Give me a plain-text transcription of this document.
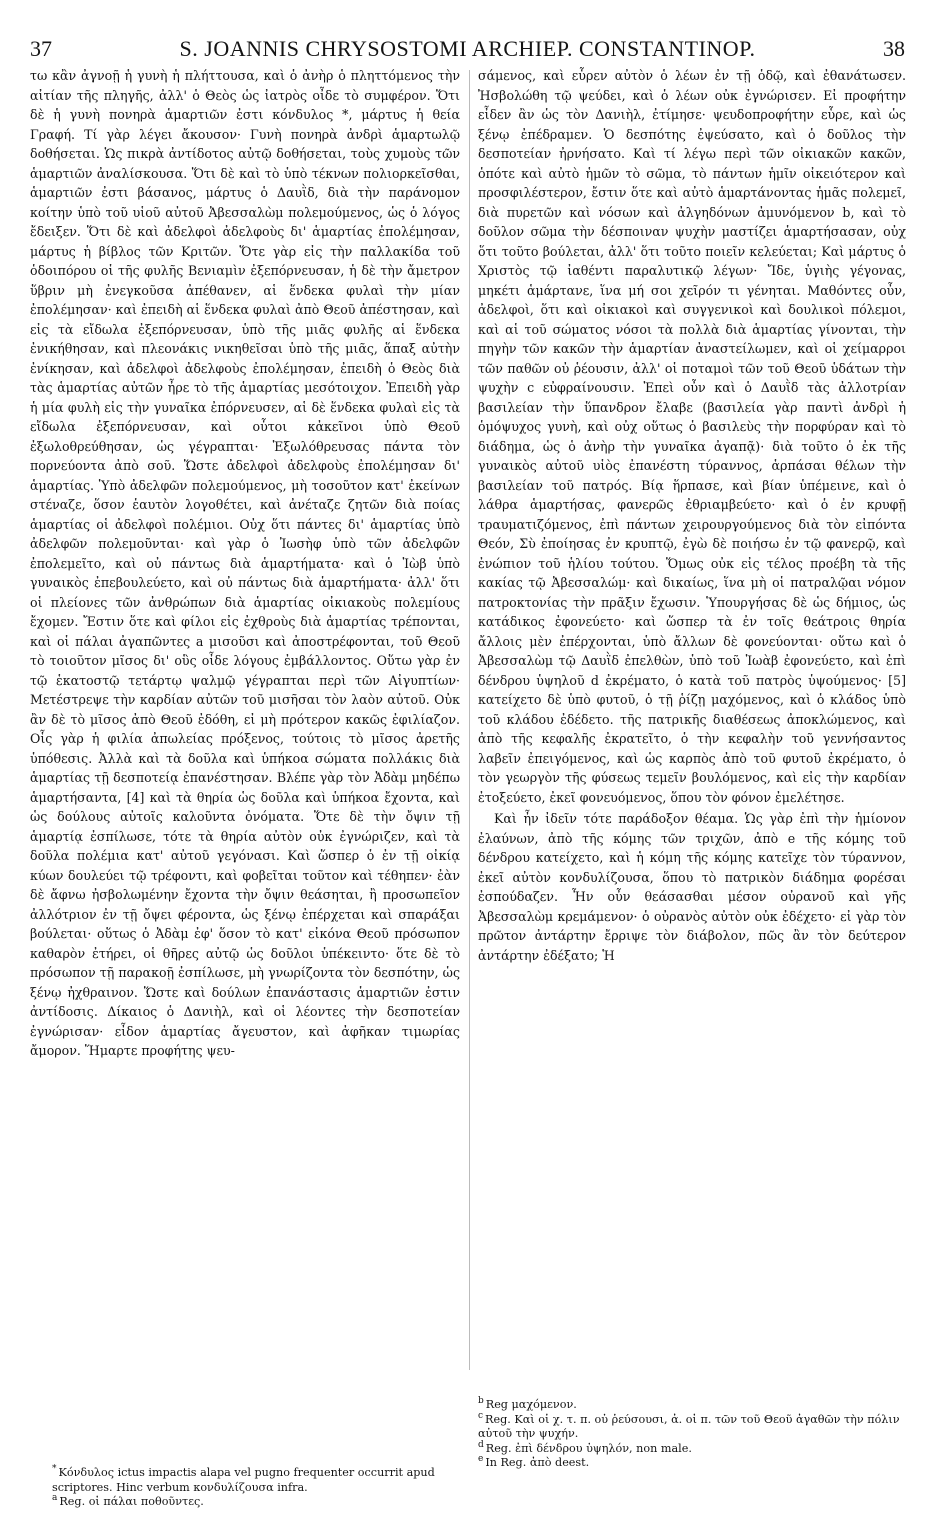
37	S. JOANNIS CHRYSOSTOMI ARCHIEP. CONSTANTINOP.	38

τω κἂν ἀγνοῇ ἡ γυνὴ ἡ πλήττουσα, καὶ ὁ ἀνὴρ ὁ πληττόμενος τὴν αἰτίαν τῆς πληγῆς, ἀλλ' ὁ Θεὸς ὡς ἰατρὸς οἶδε τὸ συμφέρον. Ὅτι δὲ ἡ γυνὴ πονηρὰ ἁμαρτιῶν ἐστι κόνδυλος *, μάρτυς ἡ θεία Γραφή. Τί γὰρ λέγει ἄκουσον· Γυνὴ πονηρὰ ἀνδρὶ ἁμαρτωλῷ δοθήσεται. Ὡς πικρὰ ἀντίδοτος αὐτῷ δοθήσεται, τοὺς χυμοὺς τῶν ἁμαρτιῶν ἀναλίσκουσα. Ὅτι δὲ καὶ τὸ ὑπὸ τέκνων πολιορκεῖσθαι, ἁμαρτιῶν ἐστι βάσανος, μάρτυς ὁ Δαυῒδ, διὰ τὴν παράνομον κοίτην ὑπὸ τοῦ υἱοῦ αὐτοῦ Ἀβεσσαλὼμ πολεμούμενος, ὡς ὁ λόγος ἔδειξεν. Ὅτι δὲ καὶ ἀδελφοὶ ἀδελφοὺς δι' ἁμαρτίας ἐπολέμησαν, μάρτυς ἡ βίβλος τῶν Κριτῶν. Ὅτε γὰρ εἰς τὴν παλλακίδα τοῦ ὁδοιπόρου οἱ τῆς φυλῆς Βενιαμὶν ἐξεπόρνευσαν, ἡ δὲ τὴν ἄμετρον ὕβριν μὴ ἐνεγκοῦσα ἀπέθανεν, αἱ ἕνδεκα φυλαὶ τὴν μίαν ἐπολέμησαν· καὶ ἐπειδὴ αἱ ἕνδεκα φυλαὶ ἀπὸ Θεοῦ ἀπέστησαν, καὶ εἰς τὰ εἴδωλα ἐξεπόρνευσαν, ὑπὸ τῆς μιᾶς φυλῆς αἱ ἕνδεκα ἐνικήθησαν, καὶ πλεονάκις νικηθεῖσαι ὑπὸ τῆς μιᾶς, ἅπαξ αὐτὴν ἐνίκησαν, καὶ ἀδελφοὶ ἀδελφοὺς ἐπολέμησαν, ἐπειδὴ ὁ Θεὸς διὰ τὰς ἁμαρτίας αὐτῶν ἦρε τὸ τῆς ἁμαρτίας μεσότοιχον. Ἐπειδὴ γὰρ ἡ μία φυλὴ εἰς τὴν γυναῖκα ἐπόρνευσεν, αἱ δὲ ἕνδεκα φυλαὶ εἰς τὰ εἴδωλα ἐξεπόρνευσαν, καὶ οὗτοι κἀκεῖνοι ὑπὸ Θεοῦ ἐξωλοθρεύθησαν, ὡς γέγραπται· Ἐξωλόθρευσας πάντα τὸν πορνεύοντα ἀπὸ σοῦ. Ὥστε ἀδελφοὶ ἀδελφοὺς ἐπολέμησαν δι' ἁμαρτίας. Ὑπὸ ἀδελφῶν πολεμούμενος, μὴ τοσοῦτον κατ' ἐκείνων στέναζε, ὅσον ἑαυτὸν λογοθέτει, καὶ ἀνέταζε ζητῶν διὰ ποίας ἁμαρτίας οἱ ἀδελφοὶ πολέμιοι. Οὐχ ὅτι πάντες δι' ἁμαρτίας ὑπὸ ἀδελφῶν πολεμοῦνται· καὶ γὰρ ὁ Ἰωσὴφ ὑπὸ τῶν ἀδελφῶν ἐπολεμεῖτο, καὶ οὐ πάντως διὰ ἁμαρτήματα· καὶ ὁ Ἰὼβ ὑπὸ γυναικὸς ἐπεβουλεύετο, καὶ οὐ πάντως διὰ ἁμαρτήματα· ἀλλ' ὅτι οἱ πλείονες τῶν ἀνθρώπων διὰ ἁμαρτίας οἰκιακοὺς πολεμίους ἔχομεν. Ἔστιν ὅτε καὶ φίλοι εἰς ἐχθροὺς διὰ ἁμαρτίας τρέπονται, καὶ οἱ πάλαι ἀγαπῶντες a μισοῦσι καὶ ἀποστρέφονται, τοῦ Θεοῦ τὸ τοιοῦτον μῖσος δι' οὓς οἶδε λόγους ἐμβάλλοντος. Οὕτω γὰρ ἐν τῷ ἑκατοστῷ τετάρτῳ ψαλμῷ γέγραπται περὶ τῶν Αἰγυπτίων· Μετέστρεψε τὴν καρδίαν αὐτῶν τοῦ μισῆσαι τὸν λαὸν αὐτοῦ. Οὐκ ἂν δὲ τὸ μῖσος ἀπὸ Θεοῦ ἐδόθη, εἰ μὴ πρότερον κακῶς ἐφιλίαζον. Οἷς γὰρ ἡ φιλία ἀπωλείας πρόξενος, τούτοις τὸ μῖσος ἀρετῆς ὑπόθεσις. Ἀλλὰ καὶ τὰ δοῦλα καὶ ὑπήκοα σώματα πολλάκις διὰ ἁμαρτίας τῇ δεσποτείᾳ ἐπανέστησαν. Βλέπε γὰρ τὸν Ἀδὰμ μηδέπω ἁμαρτήσαντα, [4] καὶ τὰ θηρία ὡς δοῦλα καὶ ὑπήκοα ἔχοντα, καὶ ὡς δούλους αὐτοῖς καλοῦντα ὀνόματα. Ὅτε δὲ τὴν ὄψιν τῇ ἁμαρτίᾳ ἐσπίλωσε, τότε τὰ θηρία αὐτὸν οὐκ ἐγνώριζεν, καὶ τὰ δοῦλα πολέμια κατ' αὐτοῦ γεγόνασι. Καὶ ὥσπερ ὁ ἐν τῇ οἰκίᾳ κύων δουλεύει τῷ τρέφοντι, καὶ φοβεῖται τοῦτον καὶ τέθηπεν· ἐὰν δὲ ἄφνω ἠσβολωμένην ἔχοντα τὴν ὄψιν θεάσηται, ἢ προσωπεῖον ἀλλότριον ἐν τῇ ὄψει φέροντα, ὡς ξένῳ ἐπέρχεται καὶ σπαράξαι βούλεται· οὕτως ὁ Ἀδὰμ ἐφ' ὅσον τὸ κατ' εἰκόνα Θεοῦ πρόσωπον καθαρὸν ἐτήρει, οἱ θῆρες αὐτῷ ὡς δοῦλοι ὑπέκειντο· ὅτε δὲ τὸ πρόσωπον τῇ παρακοῇ ἐσπίλωσε, μὴ γνωρίζοντα τὸν δεσπότην, ὡς ξένῳ ἠχθραινον. Ὥστε καὶ δούλων ἐπανάστασις ἁμαρτιῶν ἐστιν ἀντίδοσις. Δίκαιος ὁ Δανιὴλ, καὶ οἱ λέοντες τὴν δεσποτείαν ἐγνώρισαν· εἶδον ἁμαρτίας ἄγευστον, καὶ ἀφῆκαν τιμωρίας ἄμορον. Ἥμαρτε προφήτης ψευ-

σάμενος, καὶ εὗρεν αὐτὸν ὁ λέων ἐν τῇ ὁδῷ, καὶ ἐθανάτωσεν. Ἠσβολώθη τῷ ψεύδει, καὶ ὁ λέων οὐκ ἐγνώρισεν. Εἰ προφήτην εἶδεν ἂν ὡς τὸν Δανιὴλ, ἐτίμησε· ψευδοπροφήτην εὗρε, καὶ ὡς ξένῳ ἐπέδραμεν. Ὁ δεσπότης ἐψεύσατο, καὶ ὁ δοῦλος τὴν δεσποτείαν ἠρνήσατο. Καὶ τί λέγω περὶ τῶν οἰκιακῶν κακῶν, ὁπότε καὶ αὐτὸ ἡμῶν τὸ σῶμα, τὸ πάντων ἡμῖν οἰκειότερον καὶ προσφιλέστερον, ἔστιν ὅτε καὶ αὐτὸ ἁμαρτάνοντας ἡμᾶς πολεμεῖ, διὰ πυρετῶν καὶ νόσων καὶ ἀλγηδόνων ἀμυνόμενον b, καὶ τὸ δοῦλον σῶμα τὴν δέσποιναν ψυχὴν μαστίζει ἁμαρτήσασαν, οὐχ ὅτι τοῦτο βούλεται, ἀλλ' ὅτι τοῦτο ποιεῖν κελεύεται; Καὶ μάρτυς ὁ Χριστὸς τῷ ἰαθέντι παραλυτικῷ λέγων· Ἴδε, ὑγιὴς γέγονας, μηκέτι ἁμάρτανε, ἵνα μή σοι χεῖρόν τι γένηται. Μαθόντες οὖν, ἀδελφοὶ, ὅτι καὶ οἰκιακοὶ καὶ συγγενικοὶ καὶ δουλικοὶ πόλεμοι, καὶ αἱ τοῦ σώματος νόσοι τὰ πολλὰ διὰ ἁμαρτίας γίνονται, τὴν πηγὴν τῶν κακῶν τὴν ἁμαρτίαν ἀναστείλωμεν, καὶ οἱ χείμαρροι τῶν παθῶν οὐ ῥέουσιν, ἀλλ' οἱ ποταμοὶ τῶν τοῦ Θεοῦ ὑδάτων τὴν ψυχὴν c εὐφραίνουσιν. Ἐπεὶ οὖν καὶ ὁ Δαυῒδ τὰς ἀλλοτρίαν βασιλείαν τὴν ὕπανδρον ἔλαβε (βασιλεία γὰρ παντὶ ἀνδρὶ ἡ ὁμόψυχος γυνὴ, καὶ οὐχ οὕτως ὁ βασιλεὺς τὴν πορφύραν καὶ τὸ διάδημα, ὡς ὁ ἀνὴρ τὴν γυναῖκα ἀγαπᾷ)· διὰ τοῦτο ὁ ἐκ τῆς γυναικὸς αὐτοῦ υἱὸς ἐπανέστη τύραννος, ἁρπάσαι θέλων τὴν βασιλείαν τοῦ πατρός. Βίᾳ ἥρπασε, καὶ βίαν ὑπέμεινε, καὶ ὁ λάθρα ἁμαρτήσας, φανερῶς ἐθριαμβεύετο· καὶ ὁ ἐν κρυφῇ τραυματιζόμενος, ἐπὶ πάντων χειρουργούμενος διὰ τὸν εἰπόντα Θεόν, Σὺ ἐποίησας ἐν κρυπτῷ, ἐγὼ δὲ ποιήσω ἐν τῷ φανερῷ, καὶ ἐνώπιον τοῦ ἡλίου τούτου. Ὅμως οὐκ εἰς τέλος προέβη τὰ τῆς κακίας τῷ Ἀβεσσαλώμ· καὶ δικαίως, ἵνα μὴ οἱ πατραλῷαι νόμον πατροκτονίας τὴν πρᾶξιν ἔχωσιν. Ὑπουργήσας δὲ ὡς δήμιος, ὡς κατάδικος ἐφονεύετο· καὶ ὥσπερ τὰ ἐν τοῖς θεάτροις θηρία ἄλλοις μὲν ἐπέρχονται, ὑπὸ ἄλλων δὲ φονεύονται· οὕτω καὶ ὁ Ἀβεσσαλὼμ τῷ Δαυῒδ ἐπελθὼν, ὑπὸ τοῦ Ἰωὰβ ἐφονεύετο, καὶ ἐπὶ δένδρου ὑψηλοῦ d ἐκρέματο, ὁ κατὰ τοῦ πατρὸς ὑψούμενος· [5] κατείχετο δὲ ὑπὸ φυτοῦ, ὁ τῇ ῥίζῃ μαχόμενος, καὶ ὁ κλάδος ὑπὸ τοῦ κλάδου ἐδέδετο. τῆς πατρικῆς διαθέσεως ἀποκλώμενος, καὶ ἀπὸ τῆς κεφαλῆς ἐκρατεῖτο, ὁ τὴν κεφαλὴν τοῦ γεννήσαντος λαβεῖν ἐπειγόμενος, καὶ ὡς καρπὸς ἀπὸ τοῦ φυτοῦ ἐκρέματο, ὁ τὸν γεωργὸν τῆς φύσεως τεμεῖν βουλόμενος, καὶ εἰς τὴν καρδίαν ἐτοξεύετο, ἐκεῖ φονευόμενος, ὅπου τὸν φόνον ἐμελέτησε.

Καὶ ἦν ἰδεῖν τότε παράδοξον θέαμα. Ὡς γὰρ ἐπὶ τὴν ἡμίονον ἐλαύνων, ἀπὸ τῆς κόμης τῶν τριχῶν, ἀπὸ e τῆς κόμης τοῦ δένδρου κατείχετο, καὶ ἡ κόμη τῆς κόμης κατεῖχε τὸν τύραννον, ἐκεῖ αὐτὸν κονδυλίζουσα, ὅπου τὸ πατρικὸν διάδημα φορέσαι ἐσπούδαζεν. Ἦν οὖν θεάσασθαι μέσον οὐρανοῦ καὶ γῆς Ἀβεσσαλὼμ κρεμάμενον· ὁ οὐρανὸς αὐτὸν οὐκ ἐδέχετο· εἰ γὰρ τὸν πρῶτον ἀντάρτην ἔρριψε τὸν διάβολον, πῶς ἂν τὸν δεύτερον ἀντάρτην ἐδέξατο; Ἡ

* Κόνδυλος ictus impactis alapa vel pugno frequenter occurrit apud scriptores. Hinc verbum κονδυλίζουσα infra.
$^a$ Reg. οἱ πάλαι ποθοῦντες.
$^b$ Reg μαχόμενον.
$^c$ Reg. Καὶ οἱ χ. τ. π. οὐ ῥεύσουσι, ἀ. οἱ π. τῶν τοῦ Θεοῦ ἀγαθῶν τὴν πόλιν αὐτοῦ τὴν ψυχήν.
$^d$ Reg. ἐπὶ δένδρου ὑψηλόν, non male.
$^e$ In Reg. ἀπὸ deest.
